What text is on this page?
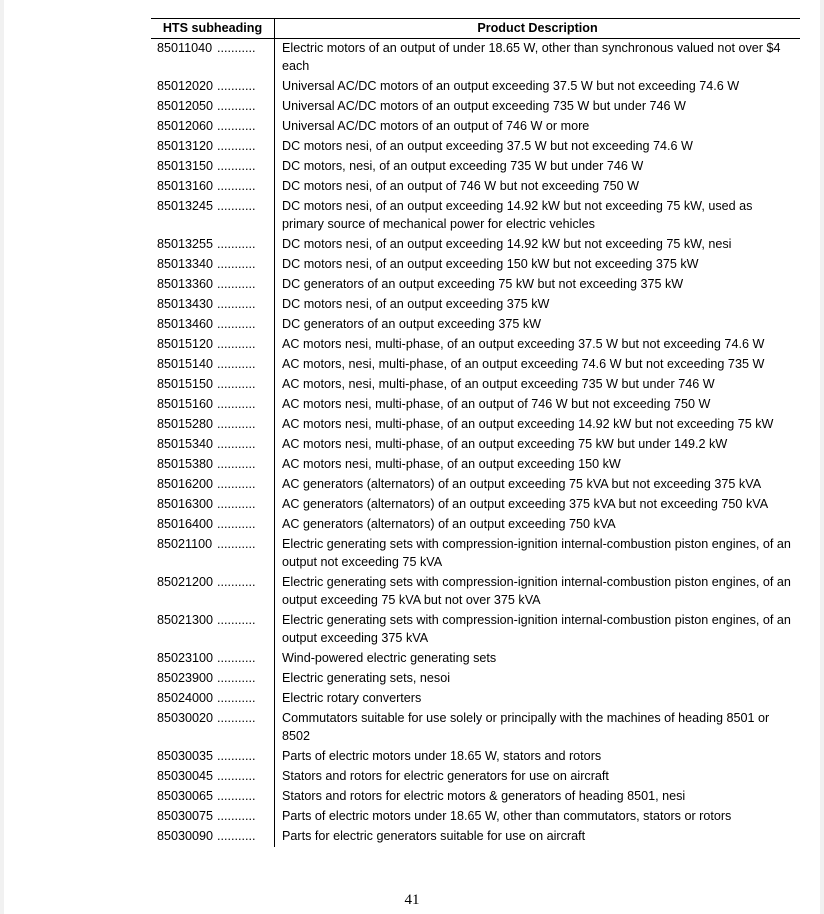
HTS subheading	Product Description
85011040 ...........	Electric motors of an output of under 18.65 W, other than synchronous valued not over $4 each
85012020 ...........	Universal AC/DC motors of an output exceeding 37.5 W but not exceeding 74.6 W
85012050 ...........	Universal AC/DC motors of an output exceeding 735 W but under 746 W
85012060 ...........	Universal AC/DC motors of an output of 746 W or more
85013120 ...........	DC motors nesi, of an output exceeding 37.5 W but not exceeding 74.6 W
85013150 ...........	DC motors, nesi, of an output exceeding 735 W but under 746 W
85013160 ...........	DC motors nesi, of an output of 746 W but not exceeding 750 W
85013245 ...........	DC motors nesi, of an output exceeding 14.92 kW but not exceeding 75 kW, used as primary source of mechanical power for electric vehicles
85013255 ...........	DC motors nesi, of an output exceeding 14.92 kW but not exceeding 75 kW, nesi
85013340 ...........	DC motors nesi, of an output exceeding 150 kW but not exceeding 375 kW
85013360 ...........	DC generators of an output exceeding 75 kW but not exceeding 375 kW
85013430 ...........	DC motors nesi, of an output exceeding 375 kW
85013460 ...........	DC generators of an output exceeding 375 kW
85015120 ...........	AC motors nesi, multi-phase, of an output exceeding 37.5 W but not exceeding 74.6 W
85015140 ...........	AC motors, nesi, multi-phase, of an output exceeding 74.6 W but not exceeding 735 W
85015150 ...........	AC motors, nesi, multi-phase, of an output exceeding 735 W but under 746 W
85015160 ...........	AC motors nesi, multi-phase, of an output of 746 W but not exceeding 750 W
85015280 ...........	AC motors nesi, multi-phase, of an output exceeding 14.92 kW but not exceeding 75 kW
85015340 ...........	AC motors nesi, multi-phase, of an output exceeding 75 kW but under 149.2 kW
85015380 ...........	AC motors nesi, multi-phase, of an output exceeding 150 kW
85016200 ...........	AC generators (alternators) of an output exceeding 75 kVA but not exceeding 375 kVA
85016300 ...........	AC generators (alternators) of an output exceeding 375 kVA but not exceeding 750 kVA
85016400 ...........	AC generators (alternators) of an output exceeding 750 kVA
85021100 ...........	Electric generating sets with compression-ignition internal-combustion piston engines, of an output not exceeding 75 kVA
85021200 ...........	Electric generating sets with compression-ignition internal-combustion piston engines, of an output exceeding 75 kVA but not over 375 kVA
85021300 ...........	Electric generating sets with compression-ignition internal-combustion piston engines, of an output exceeding 375 kVA
85023100 ...........	Wind-powered electric generating sets
85023900 ...........	Electric generating sets, nesoi
85024000 ...........	Electric rotary converters
85030020 ...........	Commutators suitable for use solely or principally with the machines of heading 8501 or 8502
85030035 ...........	Parts of electric motors under 18.65 W, stators and rotors
85030045 ...........	Stators and rotors for electric generators for use on aircraft
85030065 ...........	Stators and rotors for electric motors & generators of heading 8501, nesi
85030075 ...........	Parts of electric motors under 18.65 W, other than commutators, stators or rotors
85030090 ...........	Parts for electric generators suitable for use on aircraft
41
